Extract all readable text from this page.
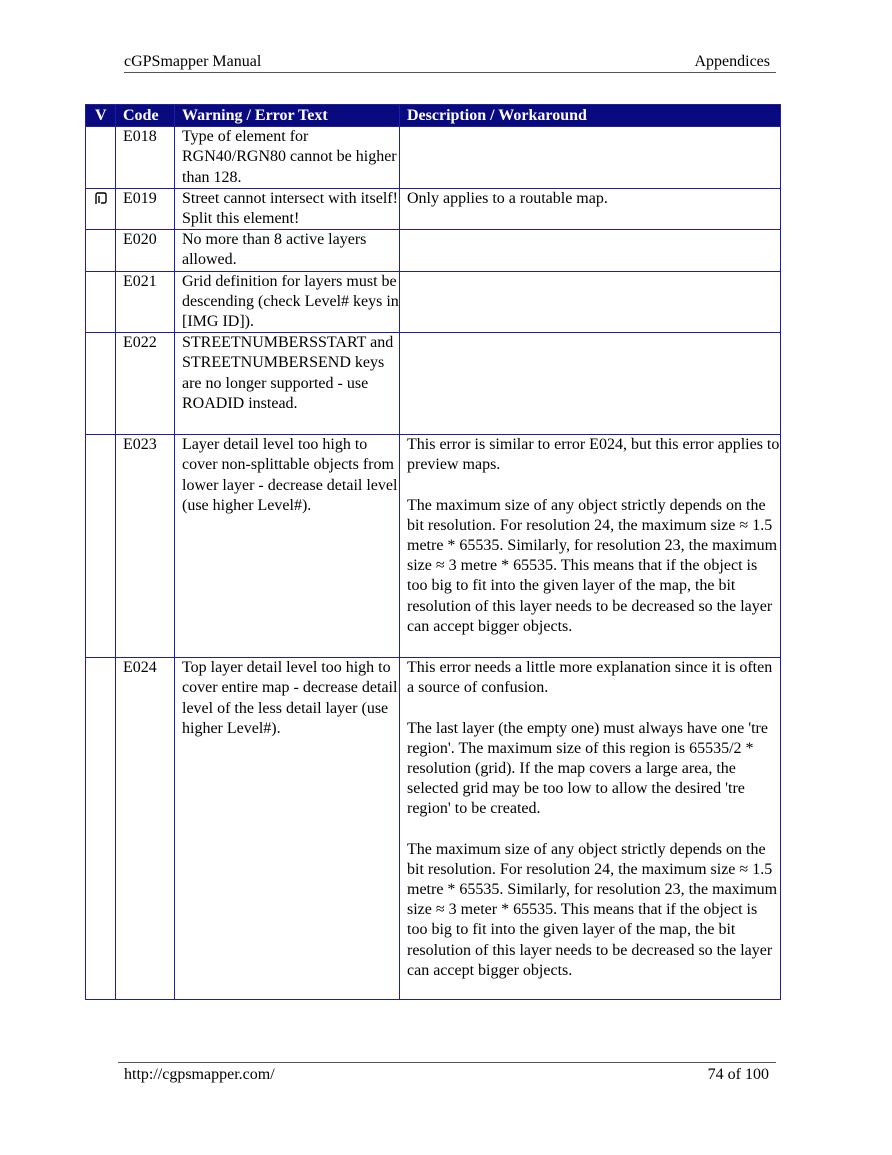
cGPSmapper Manual	Appendices
V	Code	Warning / Error Text	Description / Workaround
	E018	Type of element for RGN40/RGN80 cannot be higher than 128.	
	E019	Street cannot intersect with itself! Split this element!	Only applies to a routable map.

	E020	No more than 8 active layers allowed.	
	E021	Grid definition for layers must be descending (check Level# keys in [IMG ID]).	
	E022	STREETNUMBERSSTART and STREETNUMBERSEND keys are no longer supported - use ROADID instead.	
	E023	Layer detail level too high to cover non-splittable objects from lower layer - decrease detail level (use higher Level#).	This error is similar to error E024, but this error applies to preview maps.
The maximum size of any object strictly depends on the bit resolution. For resolution 24, the maximum size ≈ 1.5 metre * 65535. Similarly, for resolution 23, the maximum size ≈ 3 metre * 65535. This means that if the object is too big to fit into the given layer of the map, the bit resolution of this layer needs to be decreased so the layer can accept bigger objects.

	E024	Top layer detail level too high to cover entire map - decrease detail level of the less detail layer (use higher Level#).	This error needs a little more explanation since it is often a source of confusion.
The last layer (the empty one) must always have one 'tre region'. The maximum size of this region is 65535/2 * resolution (grid). If the map covers a large area, the selected grid may be too low to allow the desired 'tre region' to be created.
The maximum size of any object strictly depends on the bit resolution. For resolution 24, the maximum size ≈ 1.5 metre * 65535. Similarly, for resolution 23, the maximum size ≈ 3 meter * 65535. This means that if the object is too big to fit into the given layer of the map, the bit resolution of this layer needs to be decreased so the layer can accept bigger objects.
http://cgpsmapper.com/	74 of 100
